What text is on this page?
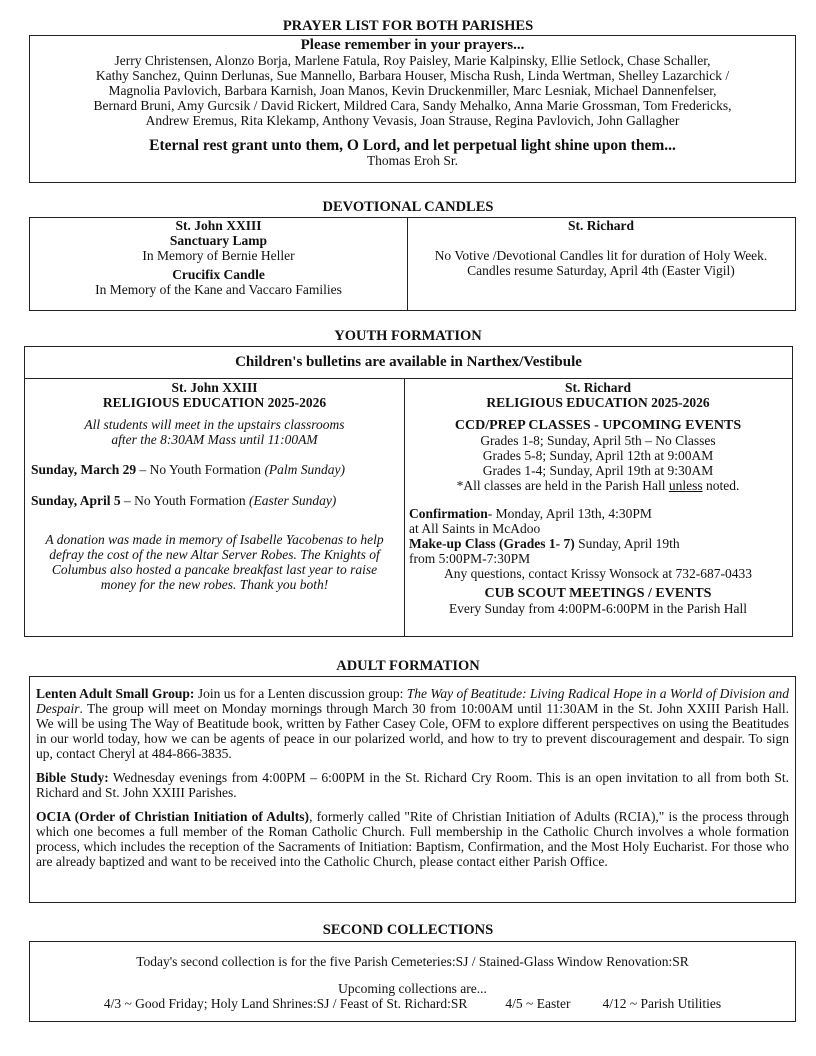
PRAYER LIST FOR BOTH PARISHES
Please remember in your prayers...
Jerry Christensen, Alonzo Borja, Marlene Fatula, Roy Paisley, Marie Kalpinsky, Ellie Setlock, Chase Schaller,
Kathy Sanchez, Quinn Derlunas, Sue Mannello, Barbara Houser, Mischa Rush, Linda Wertman, Shelley Lazarchick /
Magnolia Pavlovich, Barbara Karnish, Joan Manos, Kevin Druckenmiller, Marc Lesniak, Michael Dannenfelser,
Bernard Bruni, Amy Gurcsik / David Rickert, Mildred Cara, Sandy Mehalko, Anna Marie Grossman, Tom Fredericks,
Andrew Eremus, Rita Klekamp, Anthony Vevasis, Joan Strause, Regina Pavlovich, John Gallagher
Eternal rest grant unto them, O Lord, and let perpetual light shine upon them...
Thomas Eroh Sr.
DEVOTIONAL CANDLES
St. John XXIII
Sanctuary Lamp
In Memory of Bernie Heller
Crucifix Candle
In Memory of the Kane and Vaccaro Families
St. Richard
No Votive /Devotional Candles lit for duration of Holy Week.
Candles resume Saturday, April 4th (Easter Vigil)
YOUTH FORMATION
Children's bulletins are available in Narthex/Vestibule
St. John XXIII
RELIGIOUS EDUCATION 2025-2026
All students will meet in the upstairs classrooms
after the 8:30AM Mass until 11:00AM
Sunday, March 29 – No Youth Formation (Palm Sunday)
Sunday, April 5 – No Youth Formation (Easter Sunday)
A donation was made in memory of Isabelle Yacobenas to help defray the cost of the new Altar Server Robes. The Knights of Columbus also hosted a pancake breakfast last year to raise money for the new robes. Thank you both!
St. Richard
RELIGIOUS EDUCATION 2025-2026
CCD/PREP CLASSES - UPCOMING EVENTS
Grades 1-8; Sunday, April 5th – No Classes
Grades 5-8; Sunday, April 12th at 9:00AM
Grades 1-4; Sunday, April 19th at 9:30AM
*All classes are held in the Parish Hall unless noted.
Confirmation- Monday, April 13th, 4:30PM
at All Saints in McAdoo
Make-up Class (Grades 1- 7) Sunday, April 19th
from 5:00PM-7:30PM
Any questions, contact Krissy Wonsock at 732-687-0433
CUB SCOUT MEETINGS / EVENTS
Every Sunday from 4:00PM-6:00PM in the Parish Hall
ADULT FORMATION

Lenten Adult Small Group: Join us for a Lenten discussion group: The Way of Beatitude: Living Radical Hope in a World of Division and Despair. The group will meet on Monday mornings through March 30 from 10:00AM until 11:30AM in the St. John XXIII Parish Hall. We will be using The Way of Beatitude book, written by Father Casey Cole, OFM to explore different perspectives on using the Beatitudes in our world today, how we can be agents of peace in our polarized world, and how to try to prevent discouragement and despair. To sign up, contact Cheryl at 484-866-3835.

Bible Study: Wednesday evenings from 4:00PM – 6:00PM in the St. Richard Cry Room. This is an open invitation to all from both St. Richard and St. John XXIII Parishes.

OCIA (Order of Christian Initiation of Adults), formerly called "Rite of Christian Initiation of Adults (RCIA)," is the process through which one becomes a full member of the Roman Catholic Church. Full membership in the Catholic Church involves a whole formation process, which includes the reception of the Sacraments of Initiation: Baptism, Confirmation, and the Most Holy Eucharist. For those who are already baptized and want to be received into the Catholic Church, please contact either Parish Office.

SECOND COLLECTIONS
Today's second collection is for the five Parish Cemeteries:SJ / Stained-Glass Window Renovation:SR
Upcoming collections are...
4/3 ~ Good Friday; Holy Land Shrines:SJ / Feast of St. Richard:SR	4/5 ~ Easter 4/12 ~ Parish Utilities
